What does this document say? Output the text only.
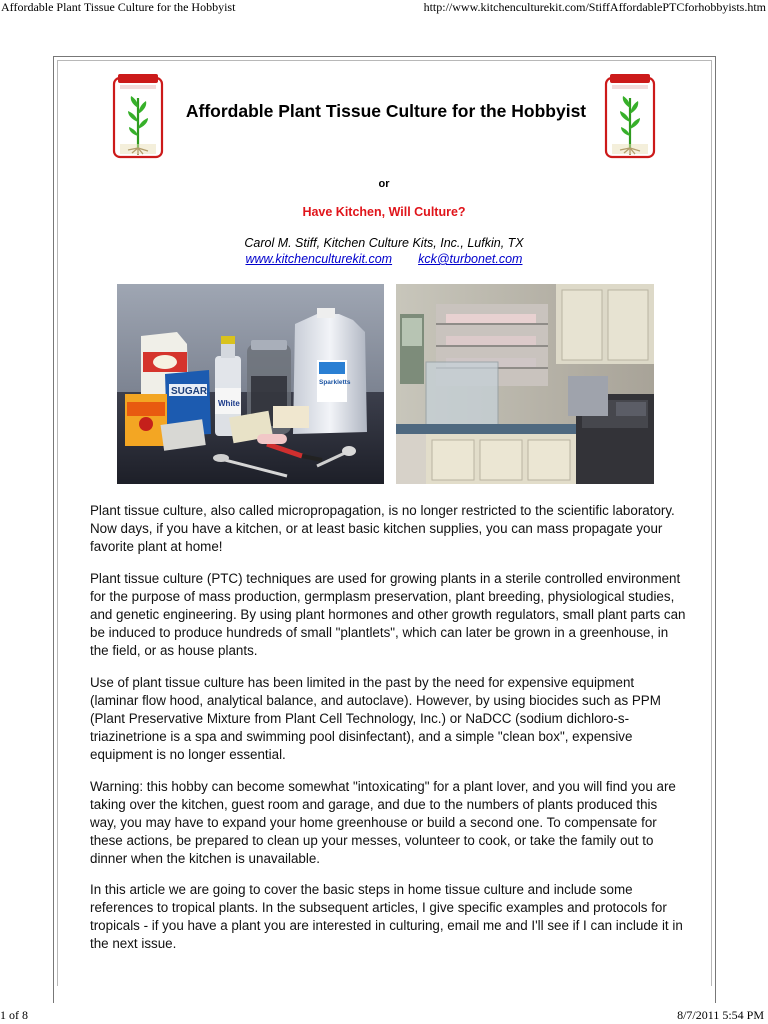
Affordable Plant Tissue Culture for the Hobbyist	http://www.kitchenculturekit.com/StiffAffordablePTCforhobbyists.htm
Affordable Plant Tissue Culture for the Hobbyist
or
Have Kitchen, Will Culture?
Carol M. Stiff, Kitchen Culture Kits, Inc., Lufkin, TX
www.kitchenculturekit.com kck@turbonet.com
SUGAR
White
Sparkletts

Plant tissue culture, also called micropropagation, is no longer restricted to the scientific laboratory. Now days, if you have a kitchen, or at least basic kitchen supplies, you can mass propagate your favorite plant at home!

Plant tissue culture (PTC) techniques are used for growing plants in a sterile controlled environment for the purpose of mass production, germplasm preservation, plant breeding, physiological studies, and genetic engineering. By using plant hormones and other growth regulators, small plant parts can be induced to produce hundreds of small "plantlets", which can later be grown in a greenhouse, in the field, or as house plants.

Use of plant tissue culture has been limited in the past by the need for expensive equipment (laminar flow hood, analytical balance, and autoclave). However, by using biocides such as PPM (Plant Preservative Mixture from Plant Cell Technology, Inc.) or NaDCC (sodium dichloro-s-triazinetrione is a spa and swimming pool disinfectant), and a simple "clean box", expensive equipment is no longer essential.

Warning: this hobby can become somewhat "intoxicating" for a plant lover, and you will find you are taking over the kitchen, guest room and garage, and due to the numbers of plants produced this way, you may have to expand your home greenhouse or build a second one. To compensate for these actions, be prepared to clean up your messes, volunteer to cook, or take the family out to dinner when the kitchen is unavailable.

In this article we are going to cover the basic steps in home tissue culture and include some references to tropical plants. In the subsequent articles, I give specific examples and protocols for tropicals - if you have a plant you are interested in culturing, email me and I'll see if I can include it in the next issue.

1 of 8	8/7/2011 5:54 PM
